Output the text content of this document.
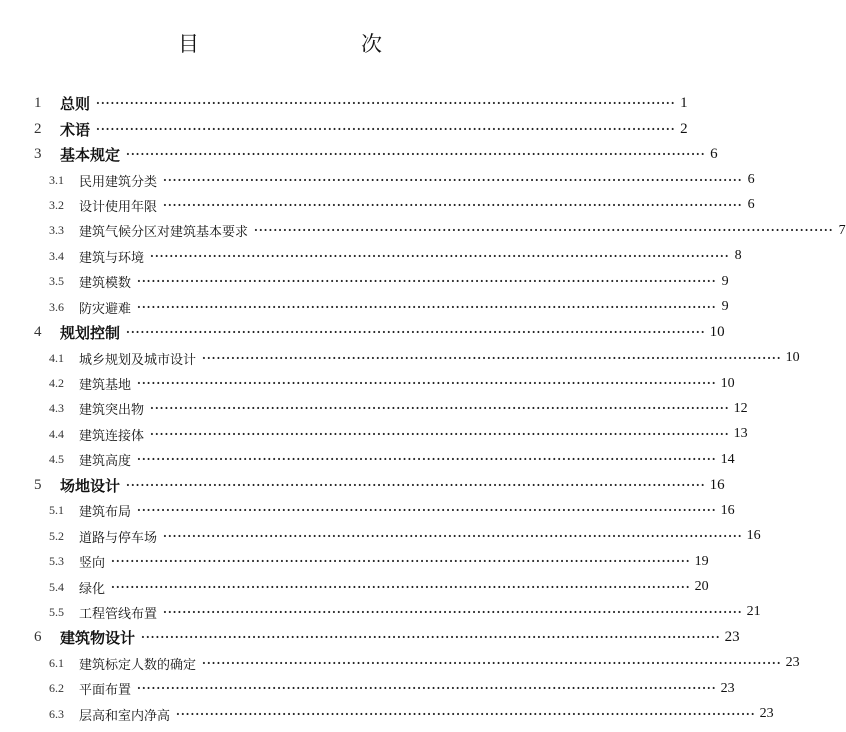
目　　次
1	总则 ························································································································ 1
2	术语 ························································································································ 2
3	基本规定 ························································································································ 6
3.1	民用建筑分类 ························································································································ 6
3.2	设计使用年限 ························································································································ 6
3.3	建筑气候分区对建筑基本要求 ························································································································ 7
3.4	建筑与环境 ························································································································ 8
3.5	建筑模数 ························································································································ 9
3.6	防灾避难 ························································································································ 9
4	规划控制 ························································································································ 10
4.1	城乡规划及城市设计 ························································································································ 10
4.2	建筑基地 ························································································································ 10
4.3	建筑突出物 ························································································································ 12
4.4	建筑连接体 ························································································································ 13
4.5	建筑高度 ························································································································ 14
5	场地设计 ························································································································ 16
5.1	建筑布局 ························································································································ 16
5.2	道路与停车场 ························································································································ 16
5.3	竖向 ························································································································ 19
5.4	绿化 ························································································································ 20
5.5	工程管线布置 ························································································································ 21
6	建筑物设计 ························································································································ 23
6.1	建筑标定人数的确定 ························································································································ 23
6.2	平面布置 ························································································································ 23
6.3	层高和室内净高 ························································································································ 23
